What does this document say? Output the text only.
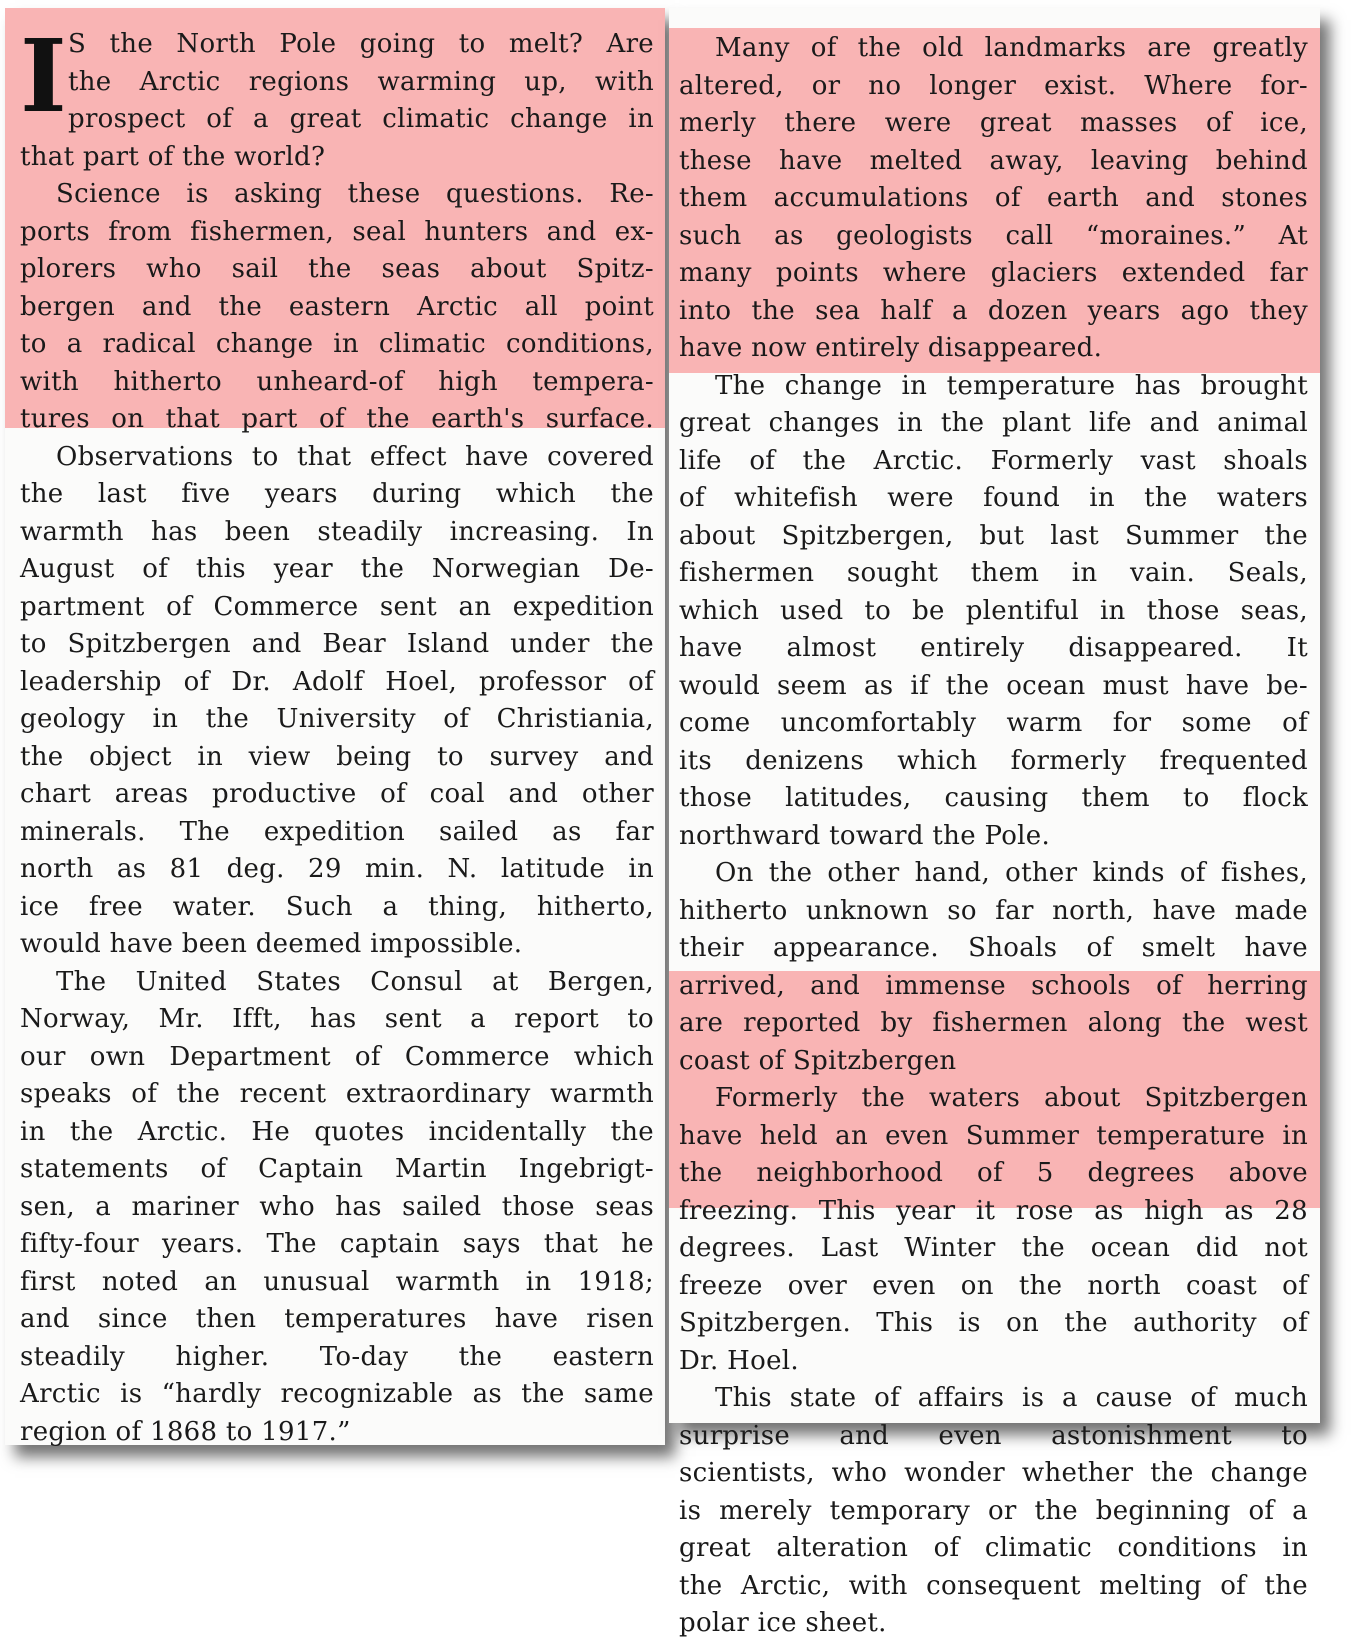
I S the North Pole going to melt? Are
the Arctic regions warming up, with
prospect of a great climatic change in
that part of the world?

Science is asking these questions. Re-
ports from fishermen, seal hunters and ex-
plorers who sail the seas about Spitz-
bergen and the eastern Arctic all point
to a radical change in climatic conditions,
with hitherto unheard-of high tempera-
tures on that part of the earth's surface.

Observations to that effect have covered
the last five years during which the
warmth has been steadily increasing. In
August of this year the Norwegian De-
partment of Commerce sent an expedition
to Spitzbergen and Bear Island under the
leadership of Dr. Adolf Hoel, professor of
geology in the University of Christiania,
the object in view being to survey and
chart areas productive of coal and other
minerals. The expedition sailed as far
north as 81 deg. 29 min. N. latitude in
ice free water. Such a thing, hitherto,
would have been deemed impossible.

The United States Consul at Bergen,
Norway, Mr. Ifft, has sent a report to
our own Department of Commerce which
speaks of the recent extraordinary warmth
in the Arctic. He quotes incidentally the
statements of Captain Martin Ingebrigt-
sen, a mariner who has sailed those seas
fifty-four years. The captain says that he
first noted an unusual warmth in 1918;
and since then temperatures have risen
steadily higher. To-day the eastern
Arctic is “hardly recognizable as the same
region of 1868 to 1917.”

Many of the old landmarks are greatly
altered, or no longer exist. Where for-
merly there were great masses of ice,
these have melted away, leaving behind
them accumulations of earth and stones
such as geologists call “moraines.” At
many points where glaciers extended far
into the sea half a dozen years ago they
have now entirely disappeared.

The change in temperature has brought
great changes in the plant life and animal
life of the Arctic. Formerly vast shoals
of whitefish were found in the waters
about Spitzbergen, but last Summer the
fishermen sought them in vain. Seals,
which used to be plentiful in those seas,
have almost entirely disappeared. It
would seem as if the ocean must have be-
come uncomfortably warm for some of
its denizens which formerly frequented
those latitudes, causing them to flock
northward toward the Pole.

On the other hand, other kinds of fishes,
hitherto unknown so far north, have made
their appearance. Shoals of smelt have
arrived, and immense schools of herring
are reported by fishermen along the west
coast of Spitzbergen

Formerly the waters about Spitzbergen
have held an even Summer temperature in
the neighborhood of 5 degrees above
freezing. This year it rose as high as 28
degrees. Last Winter the ocean did not
freeze over even on the north coast of
Spitzbergen. This is on the authority of
Dr. Hoel.

This state of affairs is a cause of much
surprise and even astonishment to
scientists, who wonder whether the change
is merely temporary or the beginning of a
great alteration of climatic conditions in
the Arctic, with consequent melting of the
polar ice sheet.
